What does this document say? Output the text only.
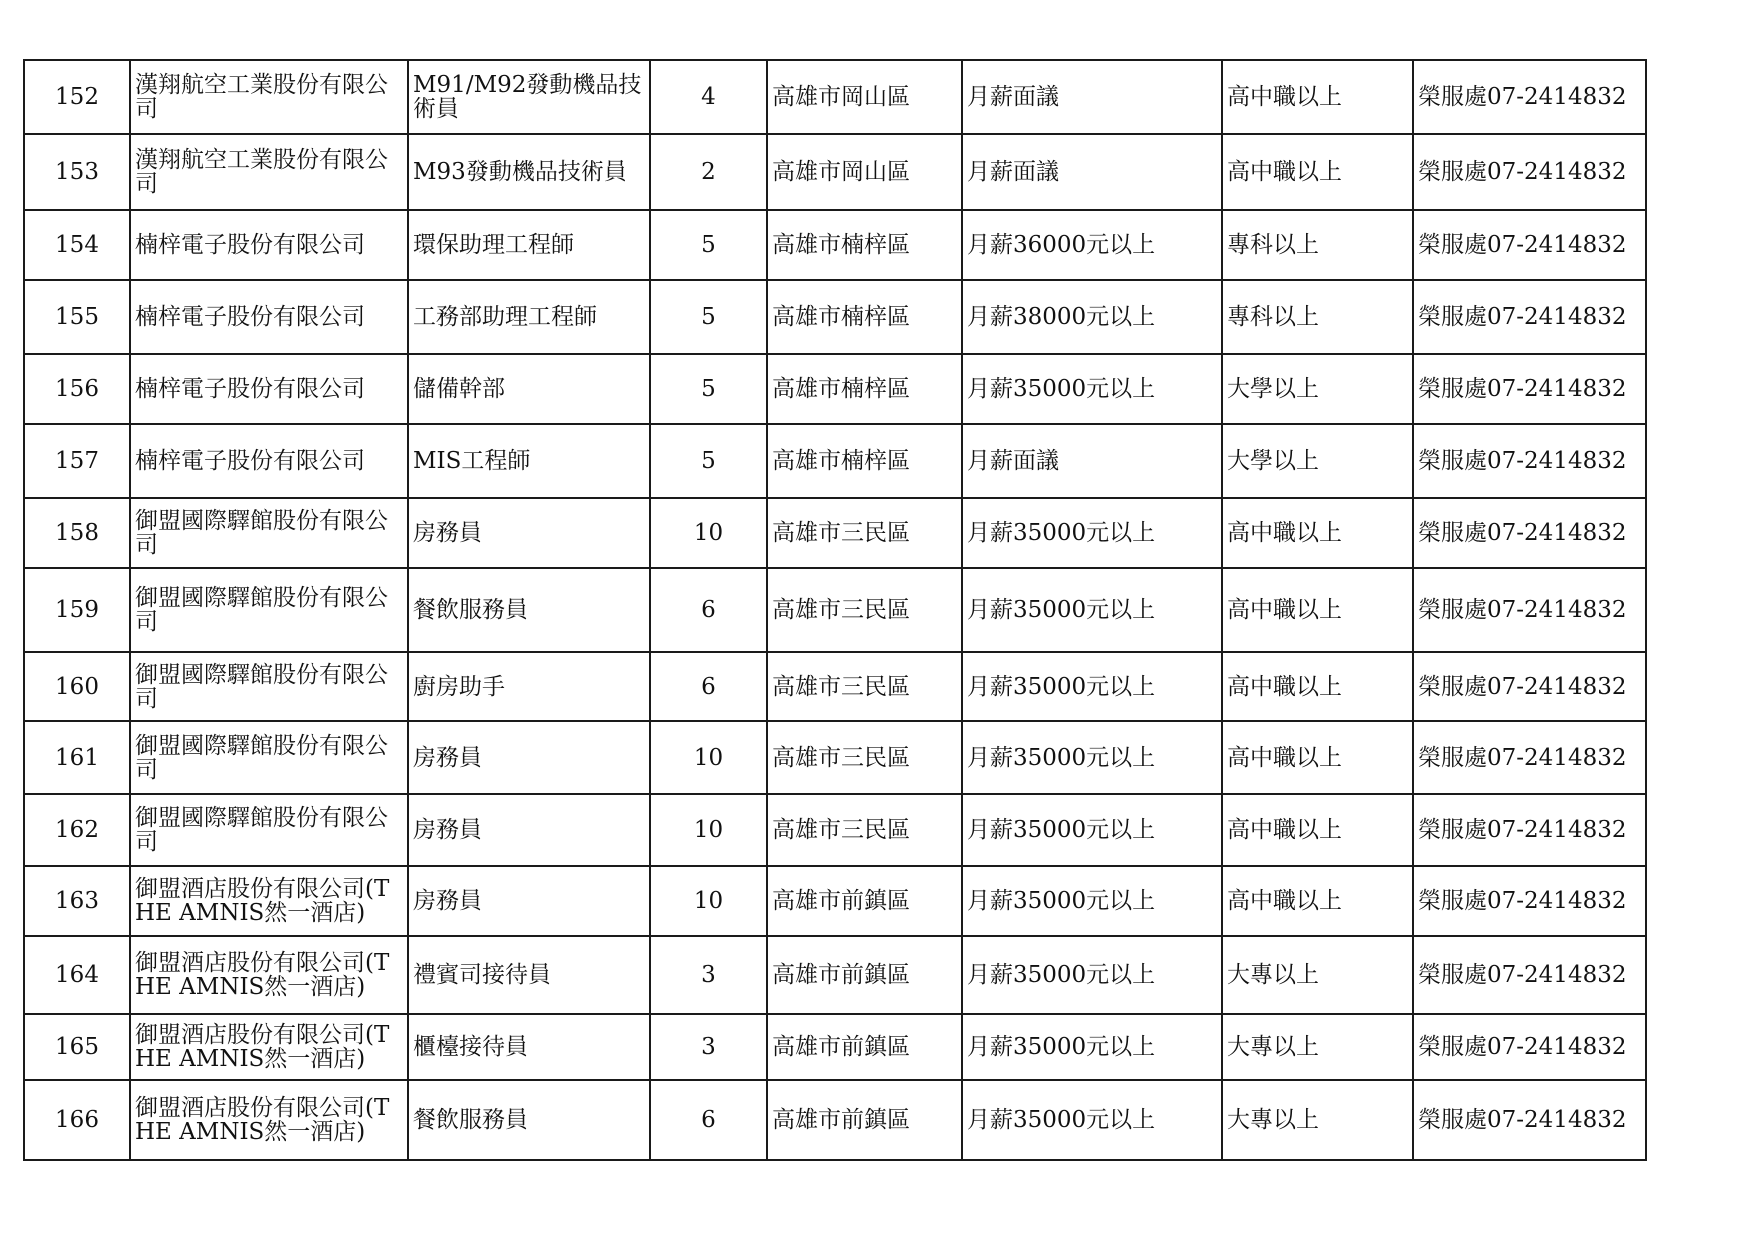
152	漢翔航空工業股份有限公司	M91/M92發動機品技術員	4	高雄市岡山區	月薪面議	高中職以上	榮服處07-2414832
153	漢翔航空工業股份有限公司	M93發動機品技術員	2	高雄市岡山區	月薪面議	高中職以上	榮服處07-2414832
154	楠梓電子股份有限公司	環保助理工程師	5	高雄市楠梓區	月薪36000元以上	專科以上	榮服處07-2414832
155	楠梓電子股份有限公司	工務部助理工程師	5	高雄市楠梓區	月薪38000元以上	專科以上	榮服處07-2414832
156	楠梓電子股份有限公司	儲備幹部	5	高雄市楠梓區	月薪35000元以上	大學以上	榮服處07-2414832
157	楠梓電子股份有限公司	MIS工程師	5	高雄市楠梓區	月薪面議	大學以上	榮服處07-2414832
158	御盟國際驛館股份有限公司	房務員	10	高雄市三民區	月薪35000元以上	高中職以上	榮服處07-2414832
159	御盟國際驛館股份有限公司	餐飲服務員	6	高雄市三民區	月薪35000元以上	高中職以上	榮服處07-2414832
160	御盟國際驛館股份有限公司	廚房助手	6	高雄市三民區	月薪35000元以上	高中職以上	榮服處07-2414832
161	御盟國際驛館股份有限公司	房務員	10	高雄市三民區	月薪35000元以上	高中職以上	榮服處07-2414832
162	御盟國際驛館股份有限公司	房務員	10	高雄市三民區	月薪35000元以上	高中職以上	榮服處07-2414832
163	御盟酒店股份有限公司(THE AMNIS然一酒店)	房務員	10	高雄市前鎮區	月薪35000元以上	高中職以上	榮服處07-2414832
164	御盟酒店股份有限公司(THE AMNIS然一酒店)	禮賓司接待員	3	高雄市前鎮區	月薪35000元以上	大專以上	榮服處07-2414832
165	御盟酒店股份有限公司(THE AMNIS然一酒店)	櫃檯接待員	3	高雄市前鎮區	月薪35000元以上	大專以上	榮服處07-2414832
166	御盟酒店股份有限公司(THE AMNIS然一酒店)	餐飲服務員	6	高雄市前鎮區	月薪35000元以上	大專以上	榮服處07-2414832
